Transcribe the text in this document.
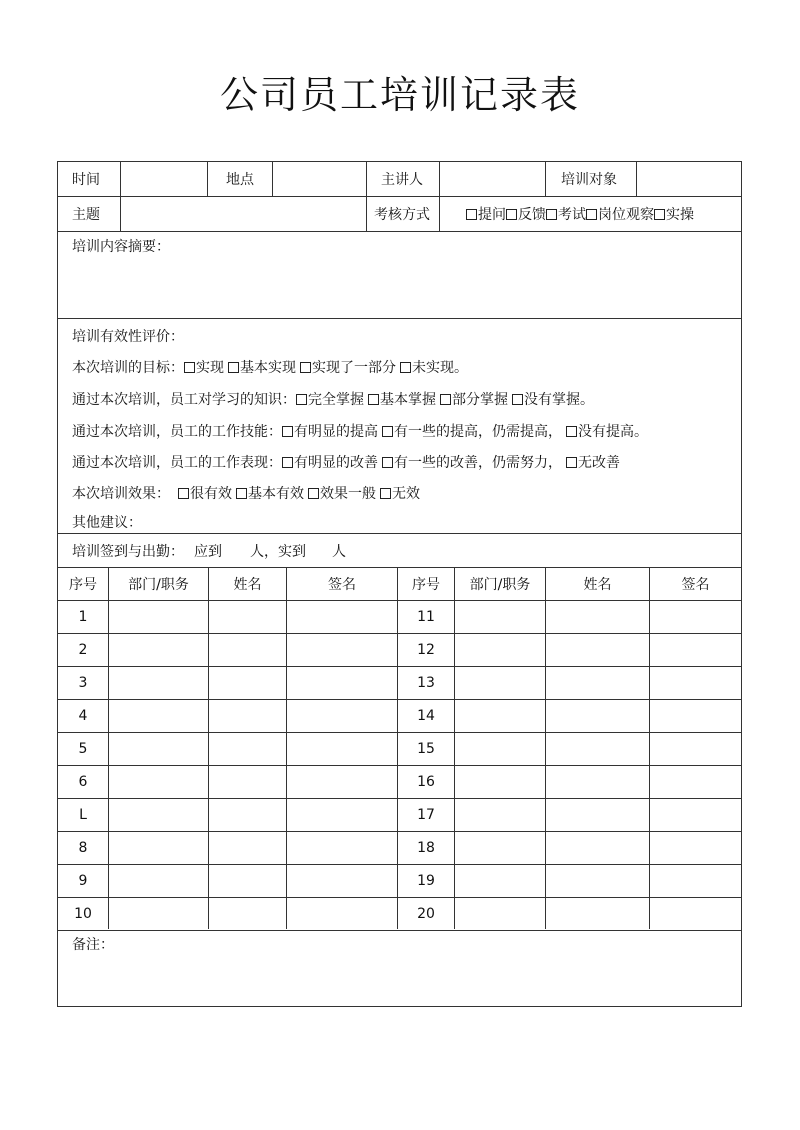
公司员工培训记录表
时间	地点	主讲人	培训对象
主题	考核方式	提问 反馈 考试 岗位观察 实操
培训内容摘要：
培训有效性评价：
本次培训的目标： 实现 基本实现 实现了一部分 未实现。
通过本次培训，员工对学习的知识： 完全掌握 基本掌握 部分掌握 没有掌握。
通过本次培训，员工的工作技能： 有明显的提高 有一些的提高，仍需提高， 没有提高。
通过本次培训，员工的工作表现： 有明显的改善 有一些的改善，仍需努力， 无改善
本次培训效果： 很有效 基本有效 效果一般 无效
其他建议：
培训签到与出勤： 应到 人， 实到 人
序号	部门/职务	姓名	签名	序号	部门/职务	姓名	签名
1	11
2	12
3	13
4	14
5	15
6	16
L	17
8	18
9	19
10	20
备注：
